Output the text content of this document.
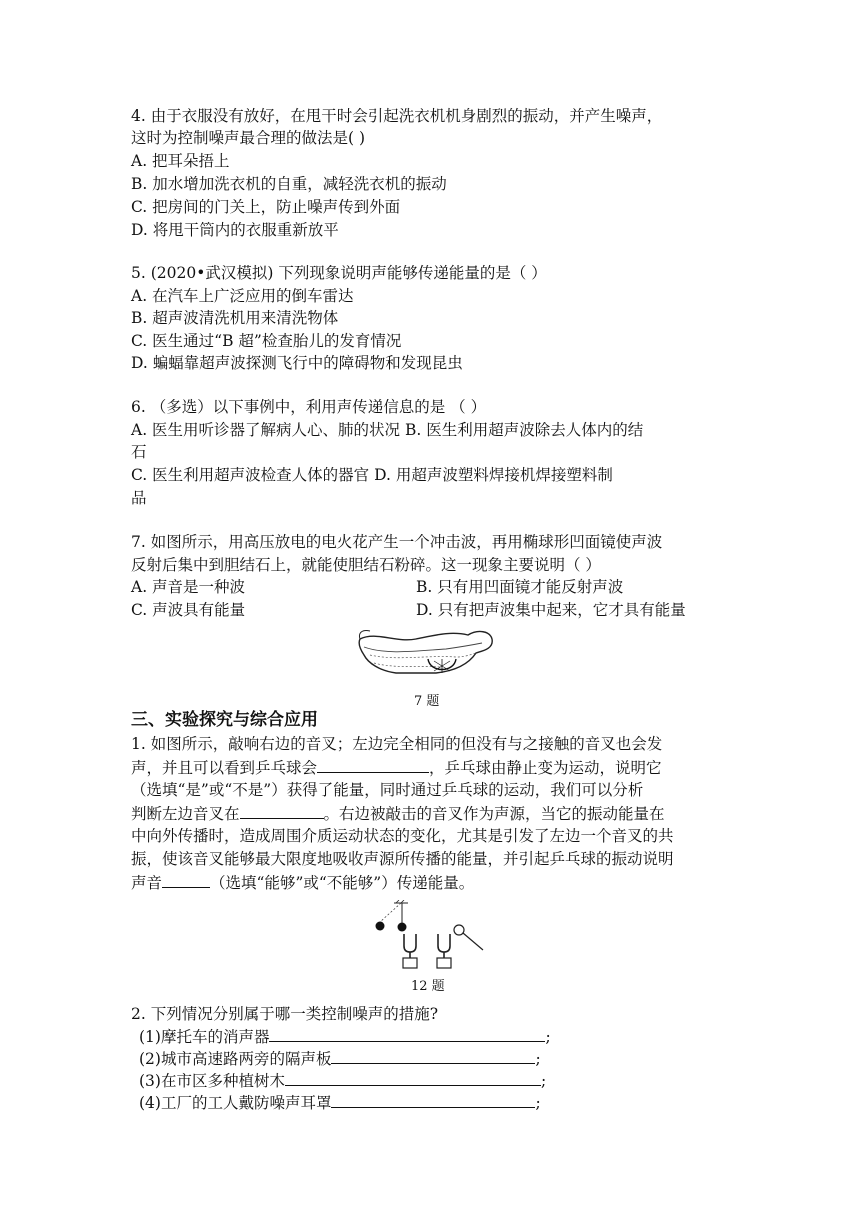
4. 由于衣服没有放好，在甩干时会引起洗衣机机身剧烈的振动，并产生噪声，
这时为控制噪声最合理的做法是( )
A. 把耳朵捂上
B. 加水增加洗衣机的自重，减轻洗衣机的振动
C. 把房间的门关上，防止噪声传到外面
D. 将甩干筒内的衣服重新放平
5. (2020•武汉模拟) 下列现象说明声能够传递能量的是（ ）
A. 在汽车上广泛应用的倒车雷达
B. 超声波清洗机用来清洗物体
C. 医生通过“B 超”检查胎儿的发育情况
D. 蝙蝠靠超声波探测飞行中的障碍物和发现昆虫
6. （多选）以下事例中，利用声传递信息的是 （ ）
A. 医生用听诊器了解病人心、肺的状况 B. 医生利用超声波除去人体内的结
石
C. 医生利用超声波检查人体的器官 D. 用超声波塑料焊接机焊接塑料制
品
7. 如图所示，用高压放电的电火花产生一个冲击波，再用椭球形凹面镜使声波
反射后集中到胆结石上，就能使胆结石粉碎。这一现象主要说明（ ）
A. 声音是一种波	B. 只有用凹面镜才能反射声波
C. 声波具有能量	D. 只有把声波集中起来，它才具有能量
7 题
三、实验探究与综合应用
1. 如图所示，敲响右边的音叉；左边完全相同的但没有与之接触的音叉也会发
声，并且可以看到乒乓球会	，乒乓球由静止变为运动，说明它
（选填“是”或“不是”）获得了能量，同时通过乒乓球的运动，我们可以分析
判断左边音叉在	。右边被敲击的音叉作为声源，当它的振动能量在
中向外传播时，造成周围介质运动状态的变化，尤其是引发了左边一个音叉的共
振，使该音叉能够最大限度地吸收声源所传播的能量，并引起乒乓球的振动说明
声音	（选填“能够”或“不能够”）传递能量。
12 题
2. 下列情况分别属于哪一类控制噪声的措施?
(1)摩托车的消声器	;
(2)城市高速路两旁的隔声板	;
(3)在市区多种植树木	;
(4)工厂的工人戴防噪声耳罩	;
